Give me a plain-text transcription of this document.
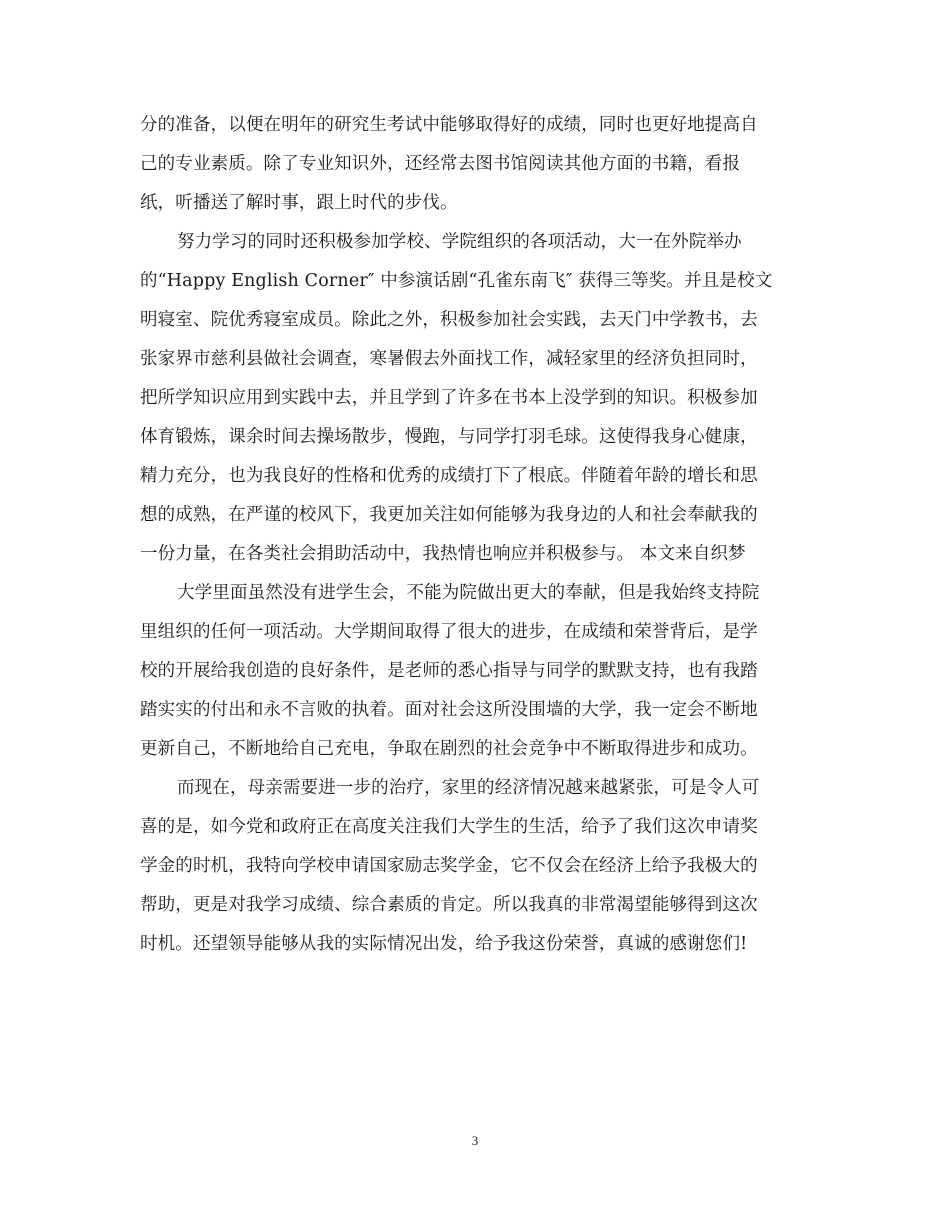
分的准备，以便在明年的研究生考试中能够取得好的成绩，同时也更好地提高自
己的专业素质。除了专业知识外，还经常去图书馆阅读其他方面的书籍，看报
纸，听播送了解时事，跟上时代的步伐。
努力学习的同时还积极参加学校、学院组织的各项活动，大一在外院举办
的“Happy English Corner″ 中参演话剧“孔雀东南飞″ 获得三等奖。并且是校文
明寝室、院优秀寝室成员。除此之外，积极参加社会实践，去天门中学教书，去
张家界市慈利县做社会调查，寒暑假去外面找工作，减轻家里的经济负担同时，
把所学知识应用到实践中去，并且学到了许多在书本上没学到的知识。积极参加
体育锻炼，课余时间去操场散步，慢跑，与同学打羽毛球。这使得我身心健康，
精力充分，也为我良好的性格和优秀的成绩打下了根底。伴随着年龄的增长和思
想的成熟，在严谨的校风下，我更加关注如何能够为我身边的人和社会奉献我的
一份力量，在各类社会捐助活动中，我热情也响应并积极参与。 本文来自织梦
大学里面虽然没有进学生会，不能为院做出更大的奉献，但是我始终支持院
里组织的任何一项活动。大学期间取得了很大的进步，在成绩和荣誉背后，是学
校的开展给我创造的良好条件，是老师的悉心指导与同学的默默支持，也有我踏
踏实实的付出和永不言败的执着。面对社会这所没围墙的大学，我一定会不断地
更新自己，不断地给自己充电，争取在剧烈的社会竞争中不断取得进步和成功。
而现在，母亲需要进一步的治疗，家里的经济情况越来越紧张，可是令人可
喜的是，如今党和政府正在高度关注我们大学生的生活，给予了我们这次申请奖
学金的时机，我特向学校申请国家励志奖学金，它不仅会在经济上给予我极大的
帮助，更是对我学习成绩、综合素质的肯定。所以我真的非常渴望能够得到这次
时机。还望领导能够从我的实际情况出发，给予我这份荣誉，真诚的感谢您们!
3
